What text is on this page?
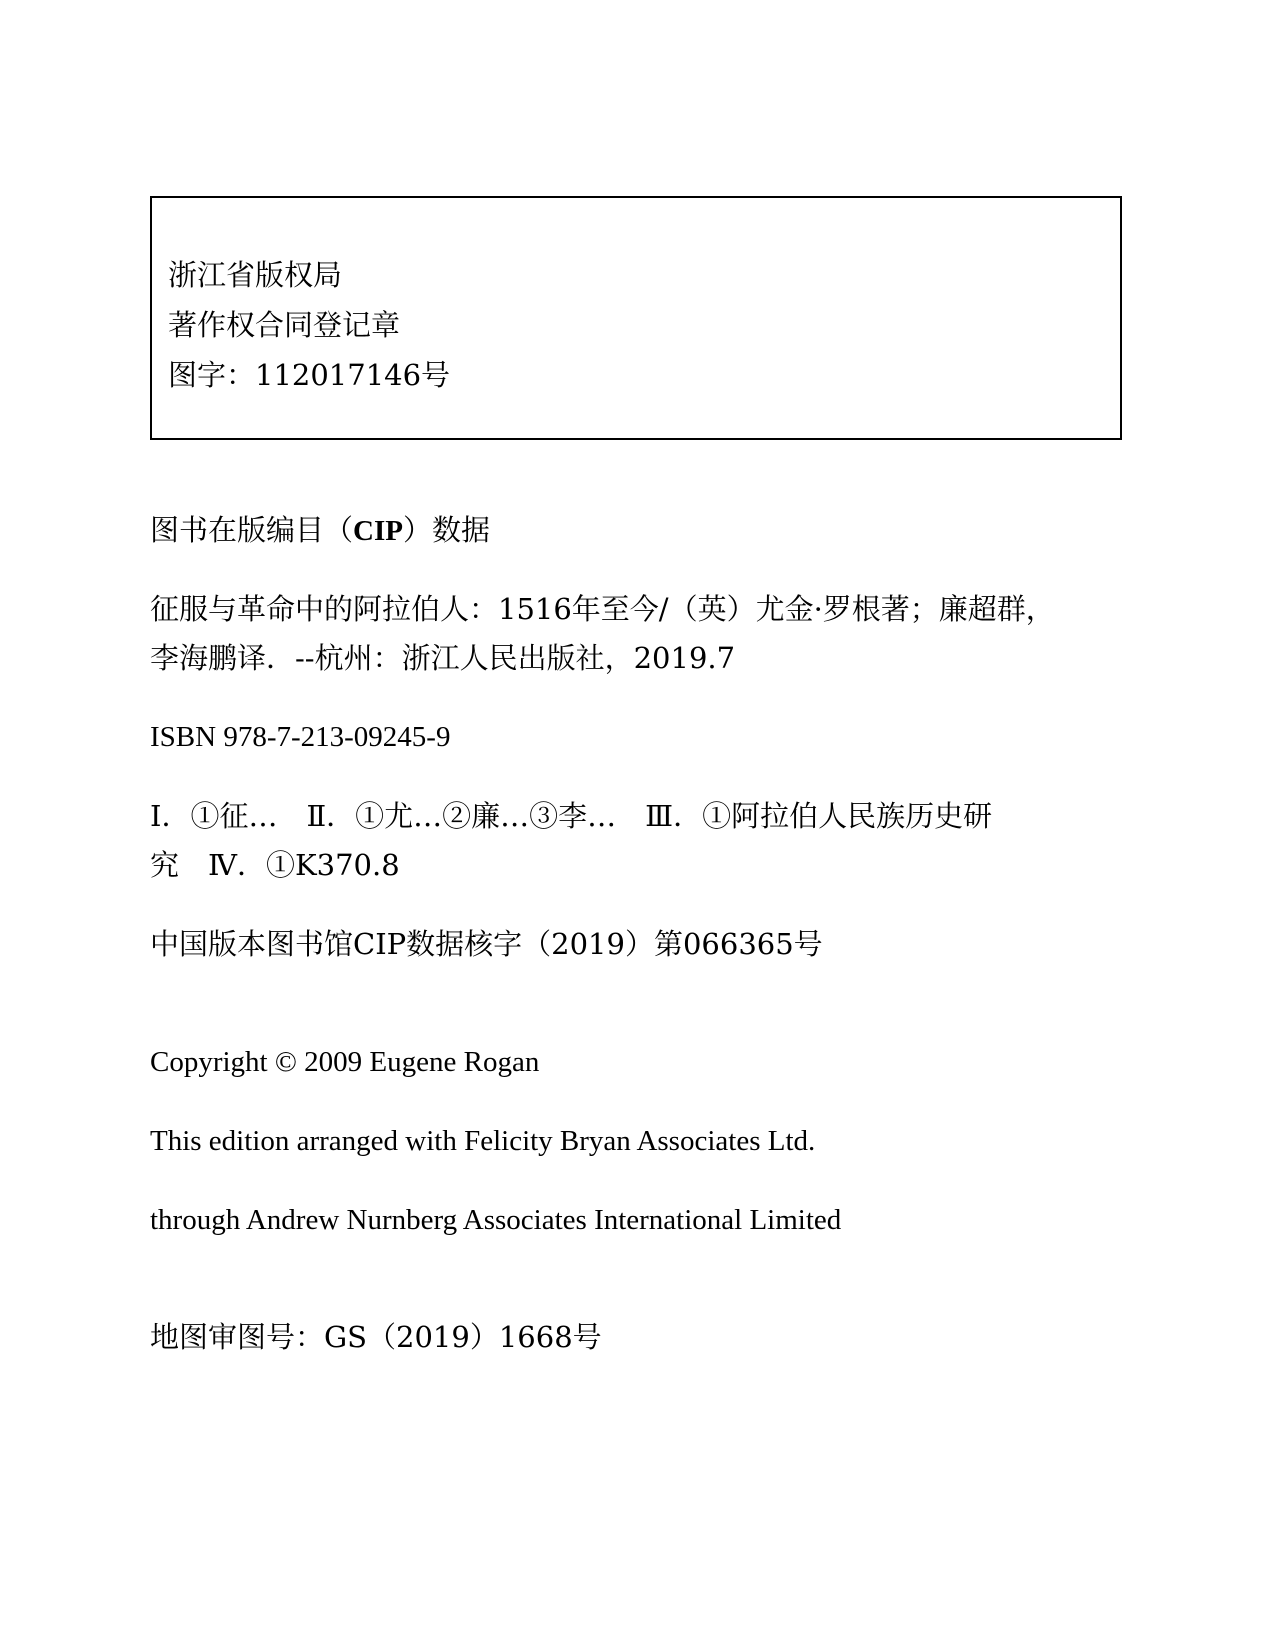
浙江省版权局
著作权合同登记章
图字：112017146号
图书在版编目（CIP）数据
征服与革命中的阿拉伯人：1516年至今/（英）尤金·罗根著；廉超群，
李海鹏译．--杭州：浙江人民出版社，2019.7
ISBN 978-7-213-09245-9
Ⅰ．①征…　Ⅱ．①尤…②廉…③李…　Ⅲ．①阿拉伯人民族历史研
究　Ⅳ．①K370.8
中国版本图书馆CIP数据核字（2019）第066365号
Copyright © 2009 Eugene Rogan
This edition arranged with Felicity Bryan Associates Ltd.
through Andrew Nurnberg Associates International Limited
地图审图号：GS（2019）1668号
